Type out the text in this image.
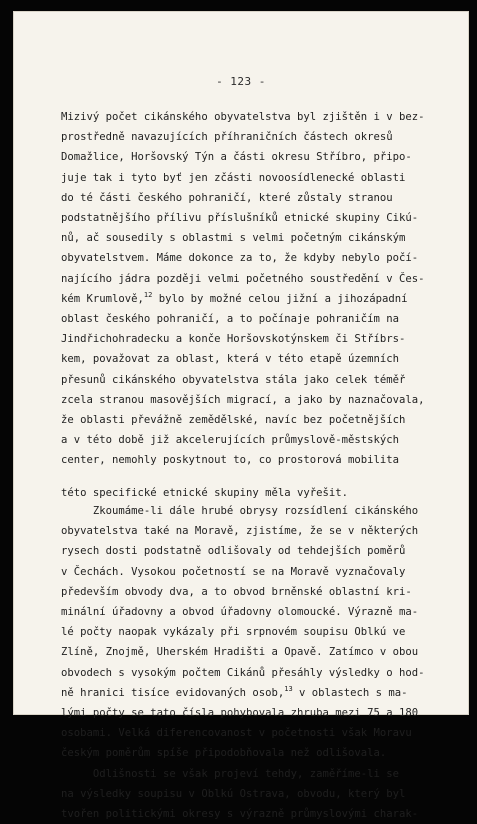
- 123 -
Mizivý počet cikánského obyvatelstva byl zjištěn i v bez-
prostředně navazujících příhraničních částech okresů
Domažlice, Horšovský Týn a části okresu Stříbro, připo-
juje tak i tyto byť jen zčásti novoosídlenecké oblasti
do té části českého pohraničí, které zůstaly stranou
podstatnějšího přílivu příslušníků etnické skupiny Cikú-
nů, ač sousedily s oblastmi s velmi početným cikánským
obyvatelstvem. Máme dokonce za to, že kdyby nebylo počí-
najícího jádra později velmi početného soustředění v Čes-
kém Krumlově,$^{12}$ bylo by možné celou jižní a jihozápadní
oblast českého pohraničí, a to počínaje pohraničím na
Jindřichohradecku a konče Horšovskotýnskem či Stříbrs-
kem, považovat za oblast, která v této etapě územních
přesunů cikánského obyvatelstva stála jako celek téměř
zcela stranou masovějších migrací, a jako by naznačovala,
že oblasti převážně zemědělské, navíc bez početnějších
a v této době již akcelerujících průmyslově-městských
center, nemohly poskytnout to, co prostorová mobilita
této specifické etnické skupiny měla vyřešit.
Zkoumáme-li dále hrubé obrysy rozsídlení cikánského
obyvatelstva také na Moravě, zjistíme, že se v některých
rysech dosti podstatně odlišovaly od tehdejších poměrů
v Čechách. Vysokou početností se na Moravě vyznačovaly
především obvody dva, a to obvod brněnské oblastní kri-
minální úřadovny a obvod úřadovny olomoucké. Výrazně ma-
lé počty naopak vykázaly při srpnovém soupisu Oblkú ve
Zlíně, Znojmě, Uherském Hradišti a Opavě. Zatímco v obou
obvodech s vysokým počtem Cikánů přesáhly výsledky o hod-
ně hranici tisíce evidovaných osob,$^{13}$ v oblastech s ma-
lými počty se tato čísla pohybovala zhruba mezi 75 a 180
osobami. Velká diferencovanost v početnosti však Moravu
českým poměrům spíše připodobňovala než odlišovala.
Odlišnosti se však projeví tehdy, zaměříme-li se
na výsledky soupisu v Oblkú Ostrava, obvodu, který byl
tvořen politickými okresy s výrazně průmyslovými charak-
